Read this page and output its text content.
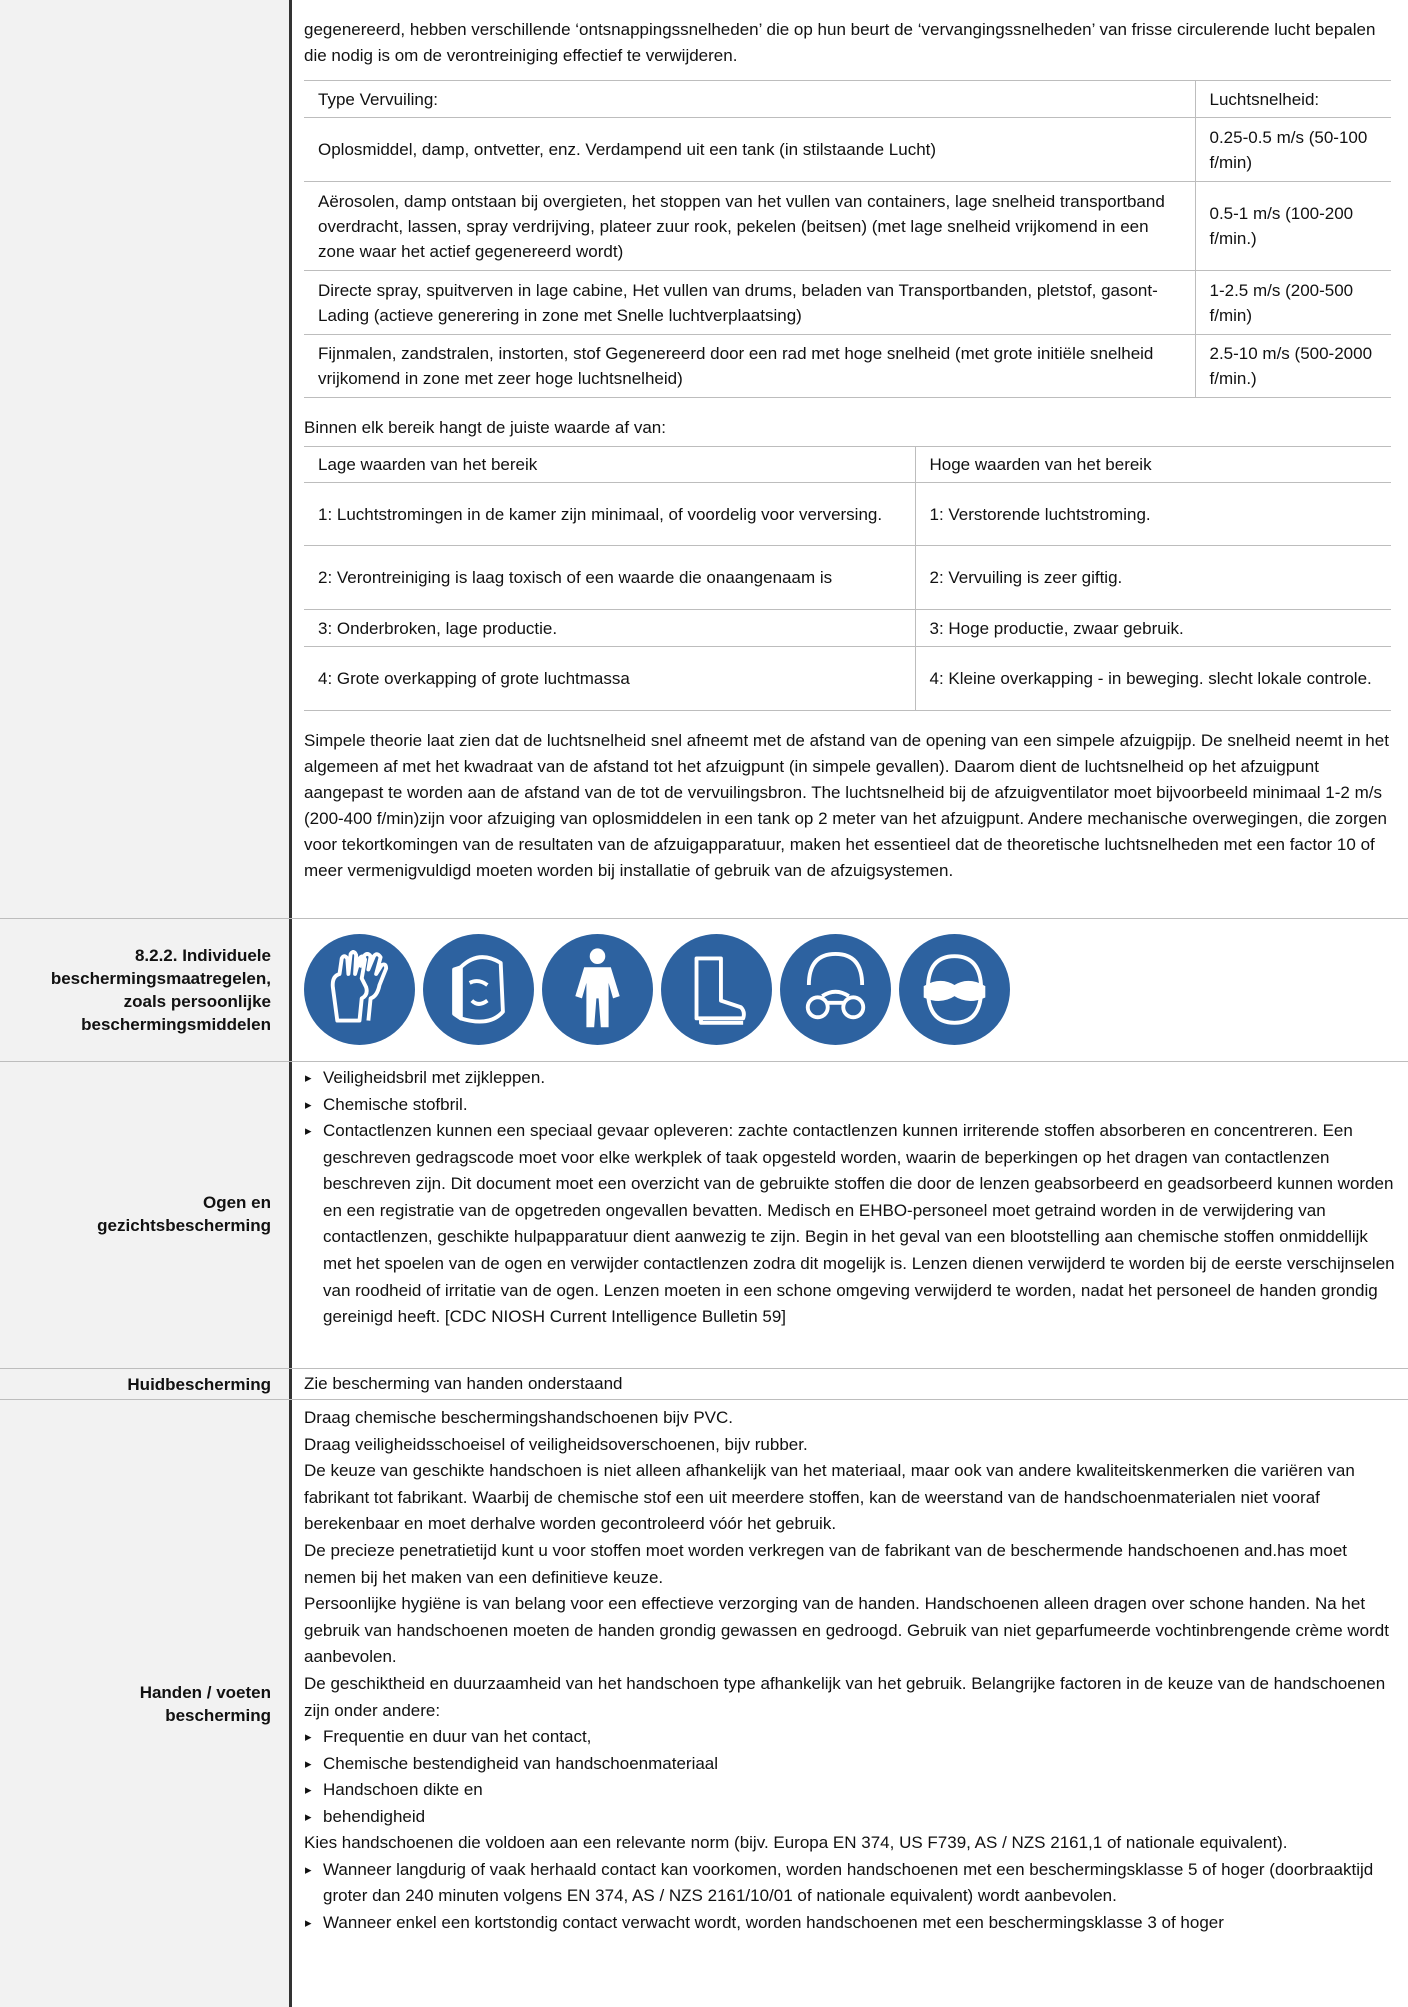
gegenereerd, hebben verschillende ‘ontsnappingssnelheden’ die op hun beurt de ‘vervangingssnelheden’ van frisse circulerende lucht bepalen die nodig is om de verontreiniging effectief te verwijderen.
Type Vervuiling:	Luchtsnelheid:
Oplosmiddel, damp, ontvetter, enz. Verdampend uit een tank (in stilstaande Lucht)	0.25-0.5 m/s (50-100 f/min)
Aërosolen, damp ontstaan bij overgieten, het stoppen van het vullen van containers, lage snelheid transportband overdracht, lassen, spray verdrijving, plateer zuur rook, pekelen (beitsen) (met lage snelheid vrijkomend in een zone waar het actief gegenereerd wordt)	0.5-1 m/s (100-200 f/min.)
Directe spray, spuitverven in lage cabine, Het vullen van drums, beladen van Transportbanden, pletstof, gasont- Lading (actieve generering in zone met Snelle luchtverplaatsing)	1-2.5 m/s (200-500 f/min)
Fijnmalen, zandstralen, instorten, stof Gegenereerd door een rad met hoge snelheid (met grote initiële snelheid vrijkomend in zone met zeer hoge luchtsnelheid)	2.5-10 m/s (500-2000 f/min.)
Binnen elk bereik hangt de juiste waarde af van:
Lage waarden van het bereik	Hoge waarden van het bereik
1: Luchtstromingen in de kamer zijn minimaal, of voordelig voor verversing.	1: Verstorende luchtstroming.
2: Verontreiniging is laag toxisch of een waarde die onaangenaam is	2: Vervuiling is zeer giftig.
3: Onderbroken, lage productie.	3: Hoge productie, zwaar gebruik.
4: Grote overkapping of grote luchtmassa	4: Kleine overkapping - in beweging. slecht lokale controle.
Simpele theorie laat zien dat de luchtsnelheid snel afneemt met de afstand van de opening van een simpele afzuigpijp. De snelheid neemt in het algemeen af met het kwadraat van de afstand tot het afzuigpunt (in simpele gevallen). Daarom dient de luchtsnelheid op het afzuigpunt aangepast te worden aan de afstand van de tot de vervuilingsbron. The luchtsnelheid bij de afzuigventilator moet bijvoorbeeld minimaal 1-2 m/s (200-400 f/min)zijn voor afzuiging van oplosmiddelen in een tank op 2 meter van het afzuigpunt. Andere mechanische overwegingen, die zorgen voor tekortkomingen van de resultaten van de afzuigapparatuur, maken het essentieel dat de theoretische luchtsnelheden met een factor 10 of meer vermenigvuldigd moeten worden bij installatie of gebruik van de afzuigsystemen.
8.2.2. Individuele beschermingsmaatregelen, zoals persoonlijke beschermingsmiddelen
Ogen en gezichtsbescherming
▸ Veiligheidsbril met zijkleppen.
▸ Chemische stofbril.
▸ Contactlenzen kunnen een speciaal gevaar opleveren: zachte contactlenzen kunnen irriterende stoffen absorberen en concentreren. Een geschreven gedragscode moet voor elke werkplek of taak opgesteld worden, waarin de beperkingen op het dragen van contactlenzen beschreven zijn. Dit document moet een overzicht van de gebruikte stoffen die door de lenzen geabsorbeerd en geadsorbeerd kunnen worden en een registratie van de opgetreden ongevallen bevatten. Medisch en EHBO-personeel moet getraind worden in de verwijdering van contactlenzen, geschikte hulpapparatuur dient aanwezig te zijn. Begin in het geval van een blootstelling aan chemische stoffen onmiddellijk met het spoelen van de ogen en verwijder contactlenzen zodra dit mogelijk is. Lenzen dienen verwijderd te worden bij de eerste verschijnselen van roodheid of irritatie van de ogen. Lenzen moeten in een schone omgeving verwijderd te worden, nadat het personeel de handen grondig gereinigd heeft. [CDC NIOSH Current Intelligence Bulletin 59]
Huidbescherming Zie bescherming van handen onderstaand
Handen / voeten bescherming
Draag chemische beschermingshandschoenen bijv PVC.
Draag veiligheidsschoeisel of veiligheidsoverschoenen, bijv rubber.
De keuze van geschikte handschoen is niet alleen afhankelijk van het materiaal, maar ook van andere kwaliteitskenmerken die variëren van fabrikant tot fabrikant. Waarbij de chemische stof een uit meerdere stoffen, kan de weerstand van de handschoenmaterialen niet vooraf berekenbaar en moet derhalve worden gecontroleerd vóór het gebruik.
De precieze penetratietijd kunt u voor stoffen moet worden verkregen van de fabrikant van de beschermende handschoenen and.has moet nemen bij het maken van een definitieve keuze.
Persoonlijke hygiëne is van belang voor een effectieve verzorging van de handen. Handschoenen alleen dragen over schone handen. Na het gebruik van handschoenen moeten de handen grondig gewassen en gedroogd. Gebruik van niet geparfumeerde vochtinbrengende crème wordt aanbevolen.
De geschiktheid en duurzaamheid van het handschoen type afhankelijk van het gebruik. Belangrijke factoren in de keuze van de handschoenen zijn onder andere:
▸ Frequentie en duur van het contact,
▸ Chemische bestendigheid van handschoenmateriaal
▸ Handschoen dikte en
▸ behendigheid
Kies handschoenen die voldoen aan een relevante norm (bijv. Europa EN 374, US F739, AS / NZS 2161,1 of nationale equivalent).
▸ Wanneer langdurig of vaak herhaald contact kan voorkomen, worden handschoenen met een beschermingsklasse 5 of hoger (doorbraaktijd groter dan 240 minuten volgens EN 374, AS / NZS 2161/10/01 of nationale equivalent) wordt aanbevolen.
▸ Wanneer enkel een kortstondig contact verwacht wordt, worden handschoenen met een beschermingsklasse 3 of hoger
